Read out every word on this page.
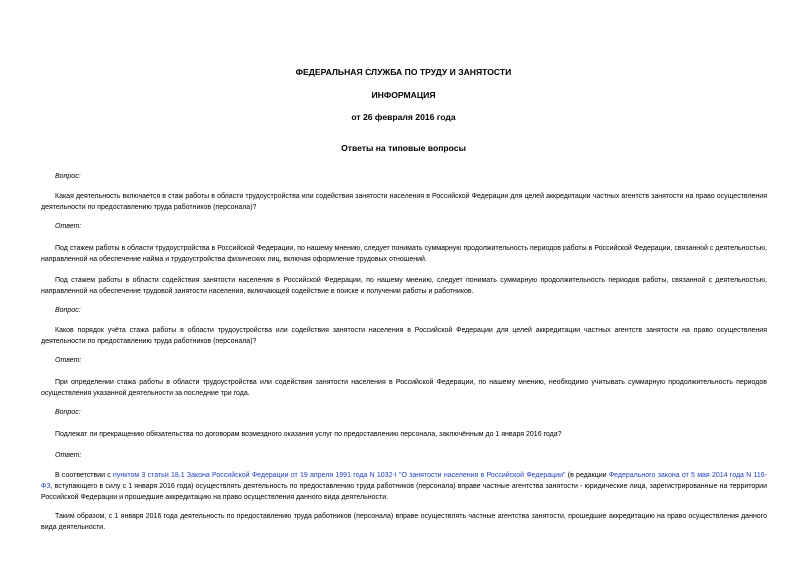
ФЕДЕРАЛЬНАЯ СЛУЖБА ПО ТРУДУ И ЗАНЯТОСТИ
ИНФОРМАЦИЯ
от 26 февраля 2016 года
Ответы на типовые вопросы
Вопрос:
Какая деятельность включается в стаж работы в области трудоустройства или содействия занятости населения в Российской Федерации для целей аккредитации частных агентств занятости на право осуществления деятельности по предоставлению труда работников (персонала)?
Ответ:
Под стажем работы в области трудоустройства в Российской Федерации, по нашему мнению, следует понимать суммарную продолжительность периодов работы в Российской Федерации, связанной с деятельностью, направленной на обеспечение найма и трудоустройства физических лиц, включая оформление трудовых отношений.
Под стажем работы в области содействия занятости населения в Российской Федерации, по нашему мнению, следует понимать суммарную продолжительность периодов работы, связанной с деятельностью, направленной на обеспечение трудовой занятости населения, включающей содействие в поиске и получении работы и работников.
Вопрос:
Каков порядок учёта стажа работы в области трудоустройства или содействия занятости населения в Российской Федерации для целей аккредитации частных агентств занятости на право осуществления деятельности по предоставлению труда работников (персонала)?
Ответ:
При определении стажа работы в области трудоустройства или содействия занятости населения в Российской Федерации, по нашему мнению, необходимо учитывать суммарную продолжительность периодов осуществления указанной деятельности за последние три года.
Вопрос:
Подлежат ли прекращению обязательства по договорам возмездного оказания услуг по предоставлению персонала, заключённым до 1 января 2016 года?
Ответ:
В соответствии с пунктом 3 статьи 18.1 Закона Российской Федерации от 19 апреля 1991 года N 1032-I "О занятости населения в Российской Федерации" (в редакции Федерального закона от 5 мая 2014 года N 116-ФЗ, вступающего в силу с 1 января 2016 года) осуществлять деятельность по предоставлению труда работников (персонала) вправе частные агентства занятости - юридические лица, зарегистрированные на территории Российской Федерации и прошедшие аккредитацию на право осуществления данного вида деятельности.
Таким образом, с 1 января 2016 года деятельность по предоставлению труда работников (персонала) вправе осуществлять частные агентства занятости, прошедшие аккредитацию на право осуществления данного вида деятельности.
